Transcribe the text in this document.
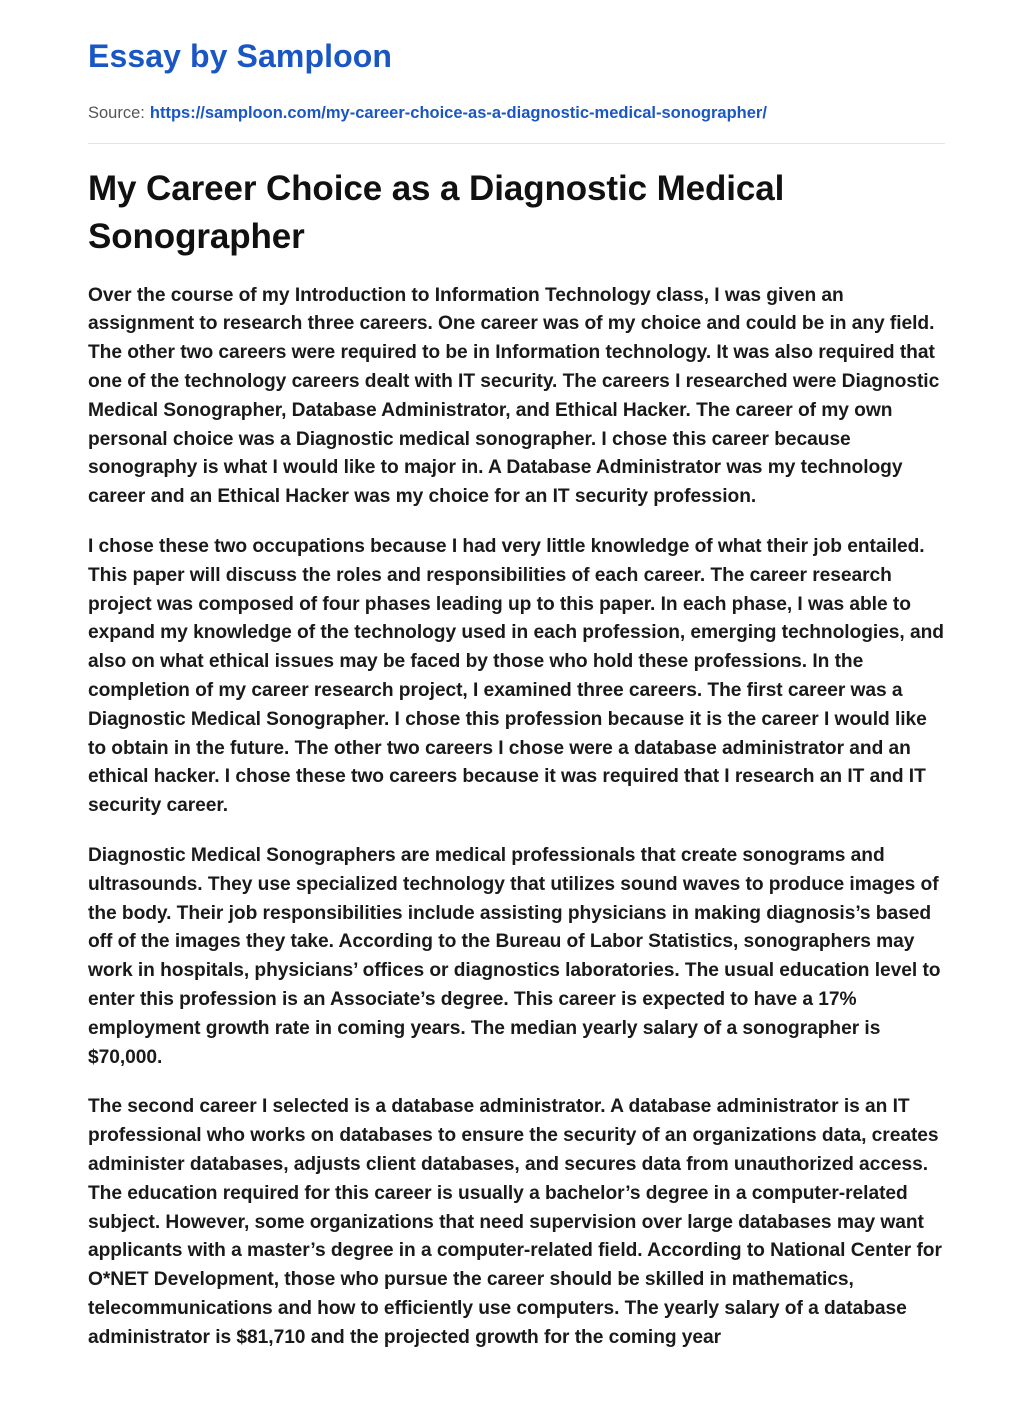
Essay by Samploon

Source: https://samploon.com/my-career-choice-as-a-diagnostic-medical-sonographer/

My Career Choice as a Diagnostic Medical Sonographer

Over the course of my Introduction to Information Technology class, I was given an assignment to research three careers. One career was of my choice and could be in any field. The other two careers were required to be in Information technology. It was also required that one of the technology careers dealt with IT security. The careers I researched were Diagnostic Medical Sonographer, Database Administrator, and Ethical Hacker. The career of my own personal choice was a Diagnostic medical sonographer. I chose this career because sonography is what I would like to major in. A Database Administrator was my technology career and an Ethical Hacker was my choice for an IT security profession.

I chose these two occupations because I had very little knowledge of what their job entailed. This paper will discuss the roles and responsibilities of each career. The career research project was composed of four phases leading up to this paper. In each phase, I was able to expand my knowledge of the technology used in each profession, emerging technologies, and also on what ethical issues may be faced by those who hold these professions. In the completion of my career research project, I examined three careers. The first career was a Diagnostic Medical Sonographer. I chose this profession because it is the career I would like to obtain in the future. The other two careers I chose were a database administrator and an ethical hacker. I chose these two careers because it was required that I research an IT and IT security career.

Diagnostic Medical Sonographers are medical professionals that create sonograms and ultrasounds. They use specialized technology that utilizes sound waves to produce images of the body. Their job responsibilities include assisting physicians in making diagnosis’s based off of the images they take. According to the Bureau of Labor Statistics, sonographers may work in hospitals, physicians’ offices or diagnostics laboratories. The usual education level to enter this profession is an Associate’s degree. This career is expected to have a 17% employment growth rate in coming years. The median yearly salary of a sonographer is $70,000.

The second career I selected is a database administrator. A database administrator is an IT professional who works on databases to ensure the security of an organizations data, creates administer databases, adjusts client databases, and secures data from unauthorized access. The education required for this career is usually a bachelor’s degree in a computer-related subject. However, some organizations that need supervision over large databases may want applicants with a master’s degree in a computer-related field. According to National Center for O*NET Development, those who pursue the career should be skilled in mathematics, telecommunications and how to efficiently use computers. The yearly salary of a database administrator is $81,710 and the projected growth for the coming year
